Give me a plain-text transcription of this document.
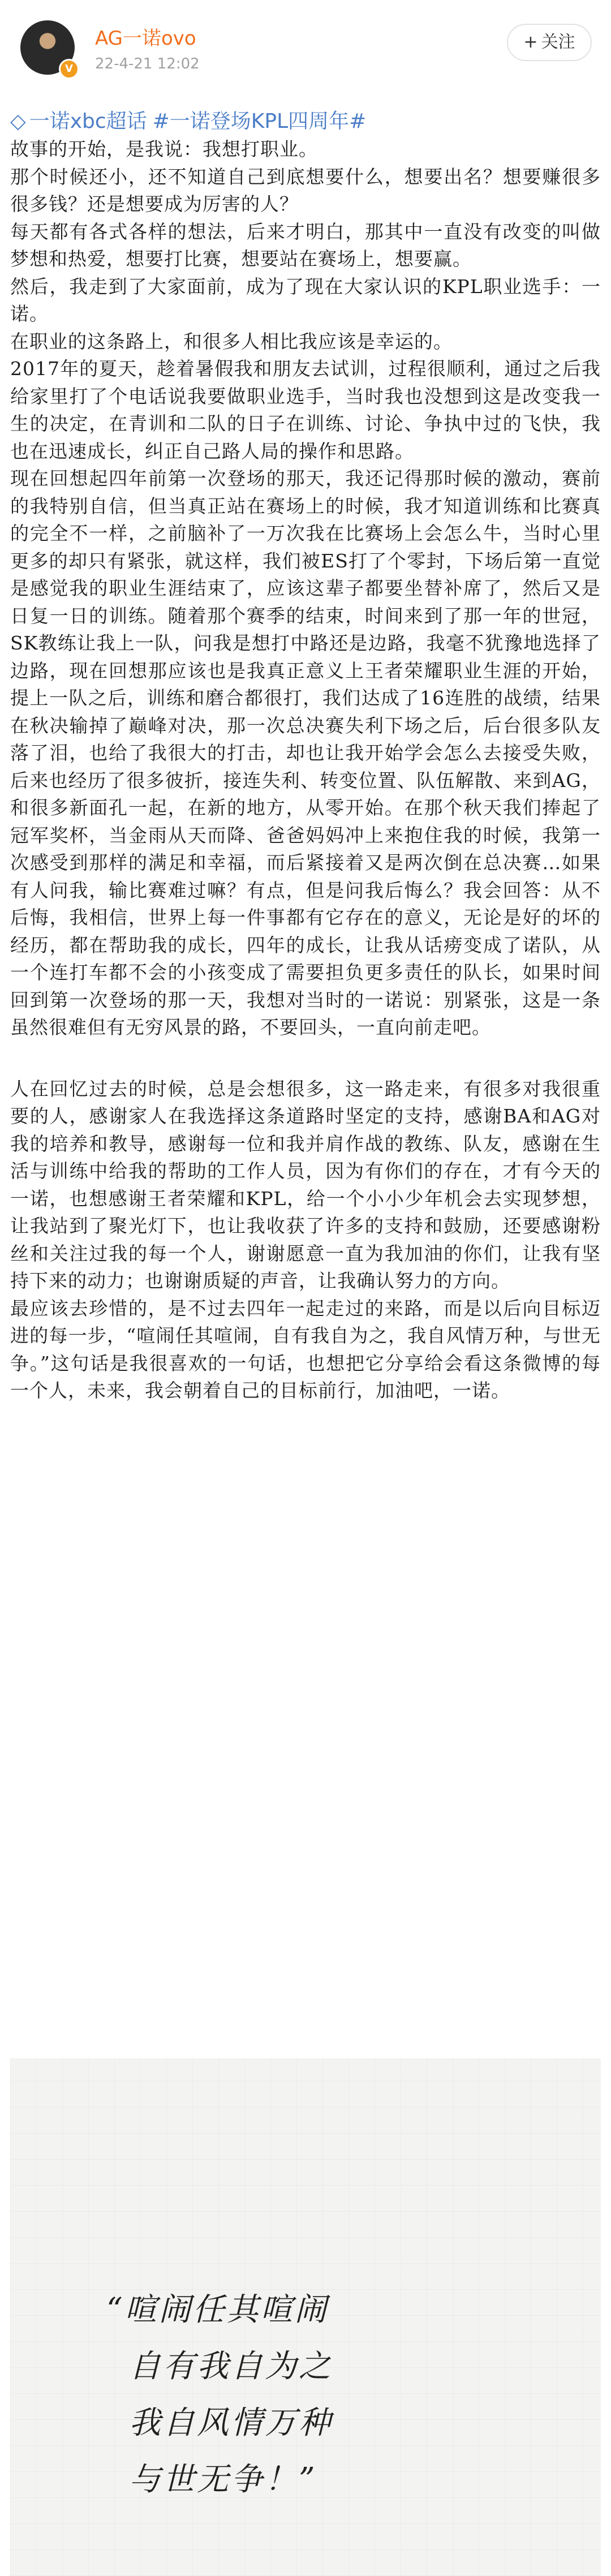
V
AG一诺ovo
22-4-21 12:02
+ 关注
◇ 一诺xbc超话 #一诺登场KPL四周年#

故事的开始，是我说：我想打职业。

那个时候还小，还不知道自己到底想要什么，想要出名？想要赚很多很多钱？还是想要成为厉害的人？

每天都有各式各样的想法，后来才明白，那其中一直没有改变的叫做梦想和热爱，想要打比赛，想要站在赛场上，想要赢。

然后，我走到了大家面前，成为了现在大家认识的KPL职业选手：一诺。

在职业的这条路上，和很多人相比我应该是幸运的。

2017年的夏天，趁着暑假我和朋友去试训，过程很顺利，通过之后我给家里打了个电话说我要做职业选手，当时我也没想到这是改变我一生的决定，在青训和二队的日子在训练、讨论、争执中过的飞快，我也在迅速成长，纠正自己路人局的操作和思路。

现在回想起四年前第一次登场的那天，我还记得那时候的激动，赛前的我特别自信，但当真正站在赛场上的时候，我才知道训练和比赛真的完全不一样，之前脑补了一万次我在比赛场上会怎么牛，当时心里更多的却只有紧张，就这样，我们被ES打了个零封，下场后第一直觉是感觉我的职业生涯结束了，应该这辈子都要坐替补席了，然后又是日复一日的训练。随着那个赛季的结束，时间来到了那一年的世冠，SK教练让我上一队，问我是想打中路还是边路，我毫不犹豫地选择了边路，现在回想那应该也是我真正意义上王者荣耀职业生涯的开始，提上一队之后，训练和磨合都很打，我们达成了16连胜的战绩，结果在秋决输掉了巅峰对决，那一次总决赛失利下场之后，后台很多队友落了泪，也给了我很大的打击，却也让我开始学会怎么去接受失败，后来也经历了很多彼折，接连失利、转变位置、队伍解散、来到AG，和很多新面孔一起，在新的地方，从零开始。在那个秋天我们捧起了冠军奖杯，当金雨从天而降、爸爸妈妈冲上来抱住我的时候，我第一次感受到那样的满足和幸福，而后紧接着又是两次倒在总决赛…如果有人问我，输比赛难过嘛？有点，但是问我后悔么？我会回答：从不后悔，我相信，世界上每一件事都有它存在的意义，无论是好的坏的经历，都在帮助我的成长，四年的成长，让我从话痨变成了诺队，从一个连打车都不会的小孩变成了需要担负更多责任的队长，如果时间回到第一次登场的那一天，我想对当时的一诺说：别紧张，这是一条虽然很难但有无穷风景的路，不要回头，一直向前走吧。

人在回忆过去的时候，总是会想很多，这一路走来，有很多对我很重要的人，感谢家人在我选择这条道路时坚定的支持，感谢BA和AG对我的培养和教导，感谢每一位和我并肩作战的教练、队友，感谢在生活与训练中给我的帮助的工作人员，因为有你们的存在，才有今天的一诺，也想感谢王者荣耀和KPL，给一个小小少年机会去实现梦想，让我站到了聚光灯下，也让我收获了许多的支持和鼓励，还要感谢粉丝和关注过我的每一个人，谢谢愿意一直为我加油的你们，让我有坚持下来的动力；也谢谢质疑的声音，让我确认努力的方向。

最应该去珍惜的，是不过去四年一起走过的来路，而是以后向目标迈进的每一步，“喧闹任其喧闹，自有我自为之，我自风情万种，与世无争。”这句话是我很喜欢的一句话，也想把它分享给会看这条微博的每一个人，未来，我会朝着自己的目标前行，加油吧，一诺。

“喧闹任其喧闹
自有我自为之
我自风情万种
与世无争！”
